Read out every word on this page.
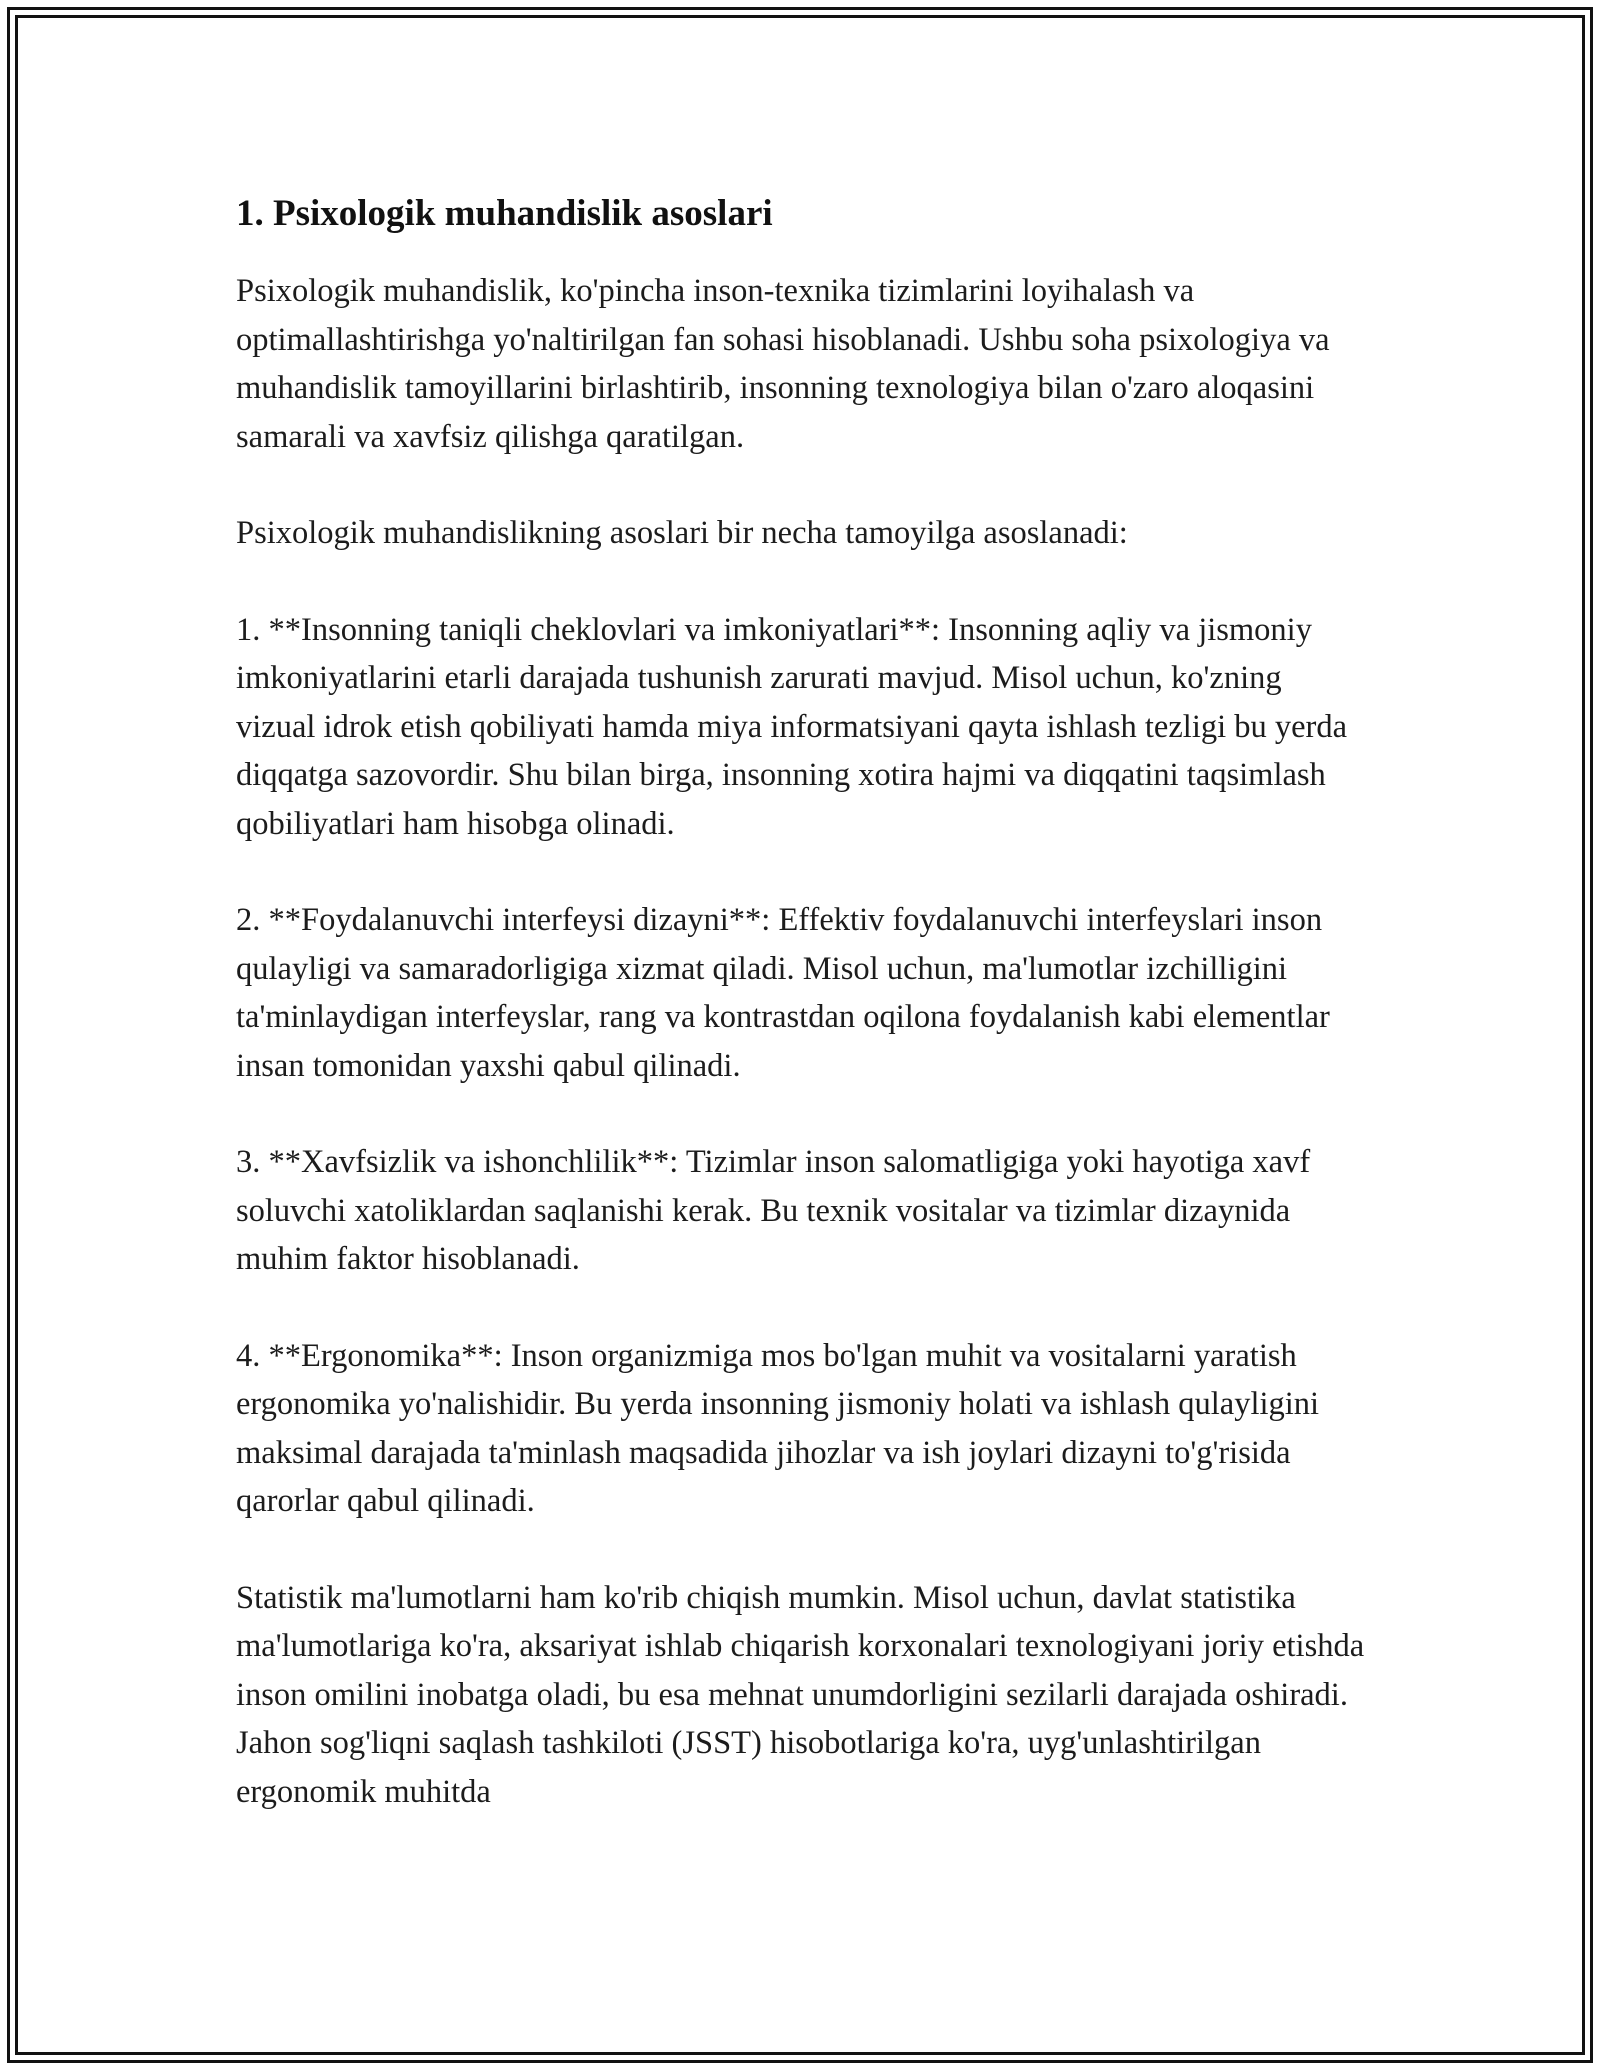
1. Psixologik muhandislik asoslari

Psixologik muhandislik, ko'pincha inson-texnika tizimlarini loyihalash va optimallashtirishga yo'naltirilgan fan sohasi hisoblanadi. Ushbu soha psixologiya va muhandislik tamoyillarini birlashtirib, insonning texnologiya bilan o'zaro aloqasini samarali va xavfsiz qilishga qaratilgan.

Psixologik muhandislikning asoslari bir necha tamoyilga asoslanadi:

1. **Insonning taniqli cheklovlari va imkoniyatlari**: Insonning aqliy va jismoniy imkoniyatlarini etarli darajada tushunish zarurati mavjud. Misol uchun, ko'zning vizual idrok etish qobiliyati hamda miya informatsiyani qayta ishlash tezligi bu yerda diqqatga sazovordir. Shu bilan birga, insonning xotira hajmi va diqqatini taqsimlash qobiliyatlari ham hisobga olinadi.

2. **Foydalanuvchi interfeysi dizayni**: Effektiv foydalanuvchi interfeyslari inson qulayligi va samaradorligiga xizmat qiladi. Misol uchun, ma'lumotlar izchilligini ta'minlaydigan interfeyslar, rang va kontrastdan oqilona foydalanish kabi elementlar insan tomonidan yaxshi qabul qilinadi.

3. **Xavfsizlik va ishonchlilik**: Tizimlar inson salomatligiga yoki hayotiga xavf soluvchi xatoliklardan saqlanishi kerak. Bu texnik vositalar va tizimlar dizaynida muhim faktor hisoblanadi.

4. **Ergonomika**: Inson organizmiga mos bo'lgan muhit va vositalarni yaratish ergonomika yo'nalishidir. Bu yerda insonning jismoniy holati va ishlash qulayligini maksimal darajada ta'minlash maqsadida jihozlar va ish joylari dizayni to'g'risida qarorlar qabul qilinadi.

Statistik ma'lumotlarni ham ko'rib chiqish mumkin. Misol uchun, davlat statistika ma'lumotlariga ko'ra, aksariyat ishlab chiqarish korxonalari texnologiyani joriy etishda inson omilini inobatga oladi, bu esa mehnat unumdorligini sezilarli darajada oshiradi. Jahon sog'liqni saqlash tashkiloti (JSST) hisobotlariga ko'ra, uyg'unlashtirilgan ergonomik muhitda
